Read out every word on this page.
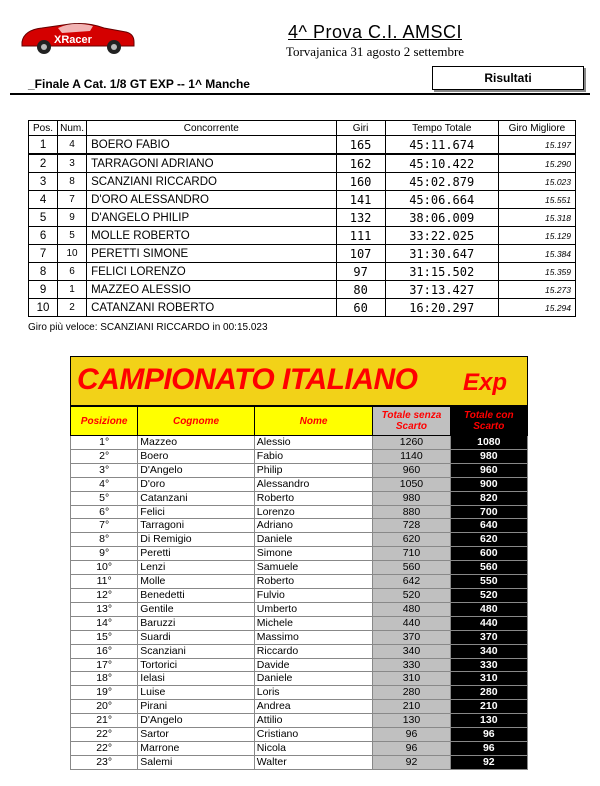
XRacer	4^ Prova C.I. AMSCI
Torvajanica 31 agosto 2 settembre
_Finale A Cat. 1/8 GT EXP -- 1^ Manche	Risultati
Pos.	Num.	Concorrente	Giri	Tempo Totale	Giro Migliore
1	4	BOERO FABIO	165	45:11.674	15.197
2	3	TARRAGONI ADRIANO	162	45:10.422	15.290
3	8	SCANZIANI RICCARDO	160	45:02.879	15.023
4	7	D'ORO ALESSANDRO	141	45:06.664	15.551
5	9	D'ANGELO PHILIP	132	38:06.009	15.318
6	5	MOLLE ROBERTO	111	33:22.025	15.129
7	10	PERETTI SIMONE	107	31:30.647	15.384
8	6	FELICI LORENZO	97	31:15.502	15.359
9	1	MAZZEO ALESSIO	80	37:13.427	15.273
10	2	CATANZANI ROBERTO	60	16:20.297	15.294
Giro più veloce: SCANZIANI RICCARDO in 00:15.023
CAMPIONATO ITALIANO Exp
Posizione	Cognome	Nome	Totale senza Scarto	Totale con Scarto
1°	Mazzeo	Alessio	1260	1080
2°	Boero	Fabio	1140	980
3°	D'Angelo	Philip	960	960
4°	D'oro	Alessandro	1050	900
5°	Catanzani	Roberto	980	820
6°	Felici	Lorenzo	880	700
7°	Tarragoni	Adriano	728	640
8°	Di Remigio	Daniele	620	620
9°	Peretti	Simone	710	600
10°	Lenzi	Samuele	560	560
11°	Molle	Roberto	642	550
12°	Benedetti	Fulvio	520	520
13°	Gentile	Umberto	480	480
14°	Baruzzi	Michele	440	440
15°	Suardi	Massimo	370	370
16°	Scanziani	Riccardo	340	340
17°	Tortorici	Davide	330	330
18°	Ielasi	Daniele	310	310
19°	Luise	Loris	280	280
20°	Pirani	Andrea	210	210
21°	D'Angelo	Attilio	130	130
22°	Sartor	Cristiano	96	96
22°	Marrone	Nicola	96	96
23°	Salemi	Walter	92	92
